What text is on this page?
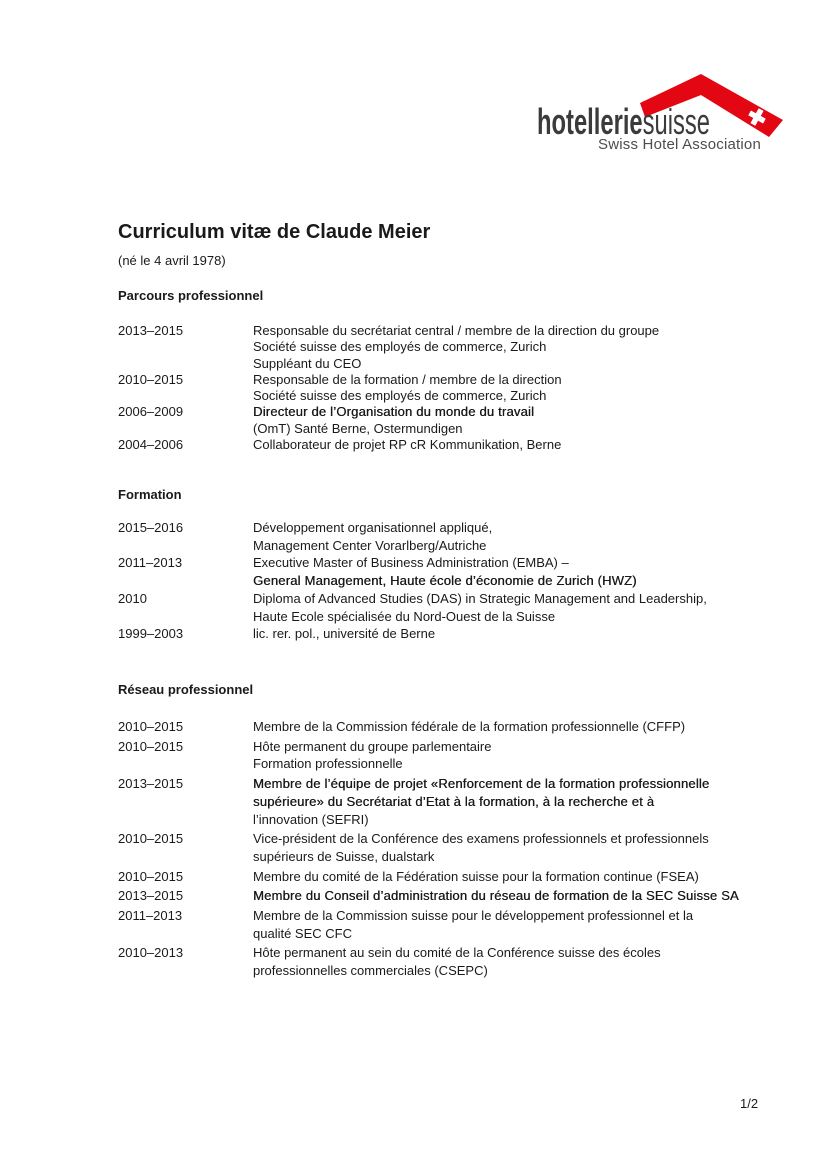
hotelleriesuisse
Swiss Hotel Association
Curriculum vitæ de Claude Meier
(né le 4 avril 1978)
Parcours professionnel
2013–2015	Responsable du secrétariat central / membre de la direction du groupe
Société suisse des employés de commerce, Zurich
Suppléant du CEO
2010–2015	Responsable de la formation / membre de la direction
Société suisse des employés de commerce, Zurich
2006–2009	Directeur de l’Organisation du monde du travail
(OmT) Santé Berne, Ostermundigen
2004–2006	Collaborateur de projet RP cR Kommunikation, Berne
Formation
2015–2016	Développement organisationnel appliqué,
Management Center Vorarlberg/Autriche
2011–2013	Executive Master of Business Administration (EMBA) –
General Management, Haute école d’économie de Zurich (HWZ)
2010	Diploma of Advanced Studies (DAS) in Strategic Management and Leadership,
Haute Ecole spécialisée du Nord-Ouest de la Suisse
1999–2003	lic. rer. pol., université de Berne
Réseau professionnel
2010–2015	Membre de la Commission fédérale de la formation professionnelle (CFFP)
2010–2015	Hôte permanent du groupe parlementaire
Formation professionnelle
2013–2015	Membre de l’équipe de projet «Renforcement de la formation professionnelle
supérieure» du Secrétariat d’Etat à la formation, à la recherche et à
l’innovation (SEFRI)
2010–2015	Vice-président de la Conférence des examens professionnels et professionnels
supérieurs de Suisse, dualstark
2010–2015	Membre du comité de la Fédération suisse pour la formation continue (FSEA)
2013–2015	Membre du Conseil d’administration du réseau de formation de la SEC Suisse SA
2011–2013	Membre de la Commission suisse pour le développement professionnel et la
qualité SEC CFC
2010–2013	Hôte permanent au sein du comité de la Conférence suisse des écoles
professionnelles commerciales (CSEPC)
1/2
